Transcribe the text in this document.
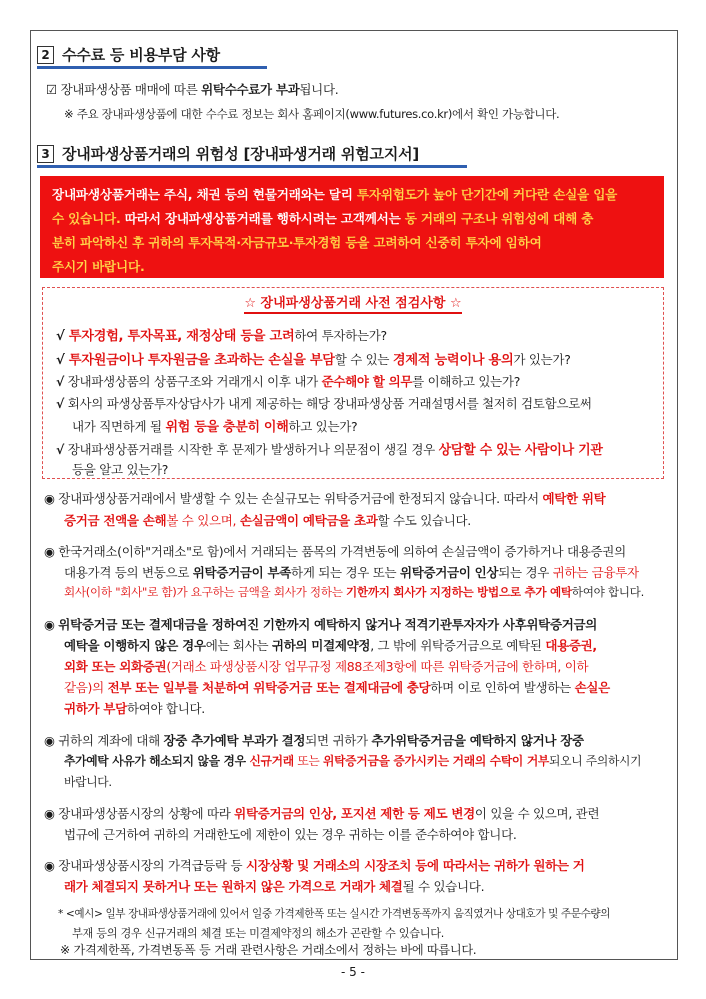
2 수수료 등 비용부담 사항
☑ 장내파생상품 매매에 따른 위탁수수료가 부과됩니다.
※ 주요 장내파생상품에 대한 수수료 정보는 회사 홈페이지(www.futures.co.kr)에서 확인 가능합니다.
3 장내파생상품거래의 위험성 [장내파생거래 위험고지서]
장내파생상품거래는 주식, 채권 등의 현물거래와는 달리 투자위험도가 높아 단기간에 커다란 손실을 입을
수 있습니다. 따라서 장내파생상품거래를 행하시려는 고객께서는 동 거래의 구조나 위험성에 대해 충
분히 파악하신 후 귀하의 투자목적·자금규모·투자경험 등을 고려하여 신중히 투자에 임하여
주시기 바랍니다.
☆ 장내파생상품거래 사전 점검사항 ☆
√ 투자경험, 투자목표, 재정상태 등을 고려하여 투자하는가?
√ 투자원금이나 투자원금을 초과하는 손실을 부담할 수 있는 경제적 능력이나 용의가 있는가?
√ 장내파생상품의 상품구조와 거래개시 이후 내가 준수해야 할 의무를 이해하고 있는가?
√ 회사의 파생상품투자상담사가 내게 제공하는 해당 장내파생상품 거래설명서를 철저히 검토함으로써
내가 직면하게 될 위험 등을 충분히 이해하고 있는가?
√ 장내파생상품거래를 시작한 후 문제가 발생하거나 의문점이 생길 경우 상담할 수 있는 사람이나 기관
등을 알고 있는가?
◉ 장내파생상품거래에서 발생할 수 있는 손실규모는 위탁증거금에 한정되지 않습니다. 따라서 예탁한 위탁
증거금 전액을 손해볼 수 있으며, 손실금액이 예탁금을 초과할 수도 있습니다.
◉ 한국거래소(이하"거래소"로 함)에서 거래되는 품목의 가격변동에 의하여 손실금액이 증가하거나 대용증권의
대용가격 등의 변동으로 위탁증거금이 부족하게 되는 경우 또는 위탁증거금이 인상되는 경우 귀하는 금융투자
회사(이하 "회사"로 함)가 요구하는 금액을 회사가 정하는 기한까지 회사가 지정하는 방법으로 추가 예탁하여야 합니다.
◉ 위탁증거금 또는 결제대금을 정하여진 기한까지 예탁하지 않거나 적격기관투자자가 사후위탁증거금의
예탁을 이행하지 않은 경우에는 회사는 귀하의 미결제약정, 그 밖에 위탁증거금으로 예탁된 대용증권,
외화 또는 외화증권(거래소 파생상품시장 업무규정 제88조제3항에 따른 위탁증거금에 한하며, 이하
같음)의 전부 또는 일부를 처분하여 위탁증거금 또는 결제대금에 충당하며 이로 인하여 발생하는 손실은
귀하가 부담하여야 합니다.
◉ 귀하의 계좌에 대해 장중 추가예탁 부과가 결정되면 귀하가 추가위탁증거금을 예탁하지 않거나 장중
추가예탁 사유가 해소되지 않을 경우 신규거래 또는 위탁증거금을 증가시키는 거래의 수탁이 거부되오니 주의하시기
바랍니다.
◉ 장내파생상품시장의 상황에 따라 위탁증거금의 인상, 포지션 제한 등 제도 변경이 있을 수 있으며, 관련
법규에 근거하여 귀하의 거래한도에 제한이 있는 경우 귀하는 이를 준수하여야 합니다.
◉ 장내파생상품시장의 가격급등락 등 시장상황 및 거래소의 시장조치 등에 따라서는 귀하가 원하는 거
래가 체결되지 못하거나 또는 원하지 않은 가격으로 거래가 체결될 수 있습니다.
* <예시> 일부 장내파생상품거래에 있어서 일중 가격제한폭 또는 실시간 가격변동폭까지 움직였거나 상대호가 및 주문수량의
부재 등의 경우 신규거래의 체결 또는 미결제약정의 해소가 곤란할 수 있습니다.
※ 가격제한폭, 가격변동폭 등 거래 관련사항은 거래소에서 정하는 바에 따릅니다.
- 5 -
